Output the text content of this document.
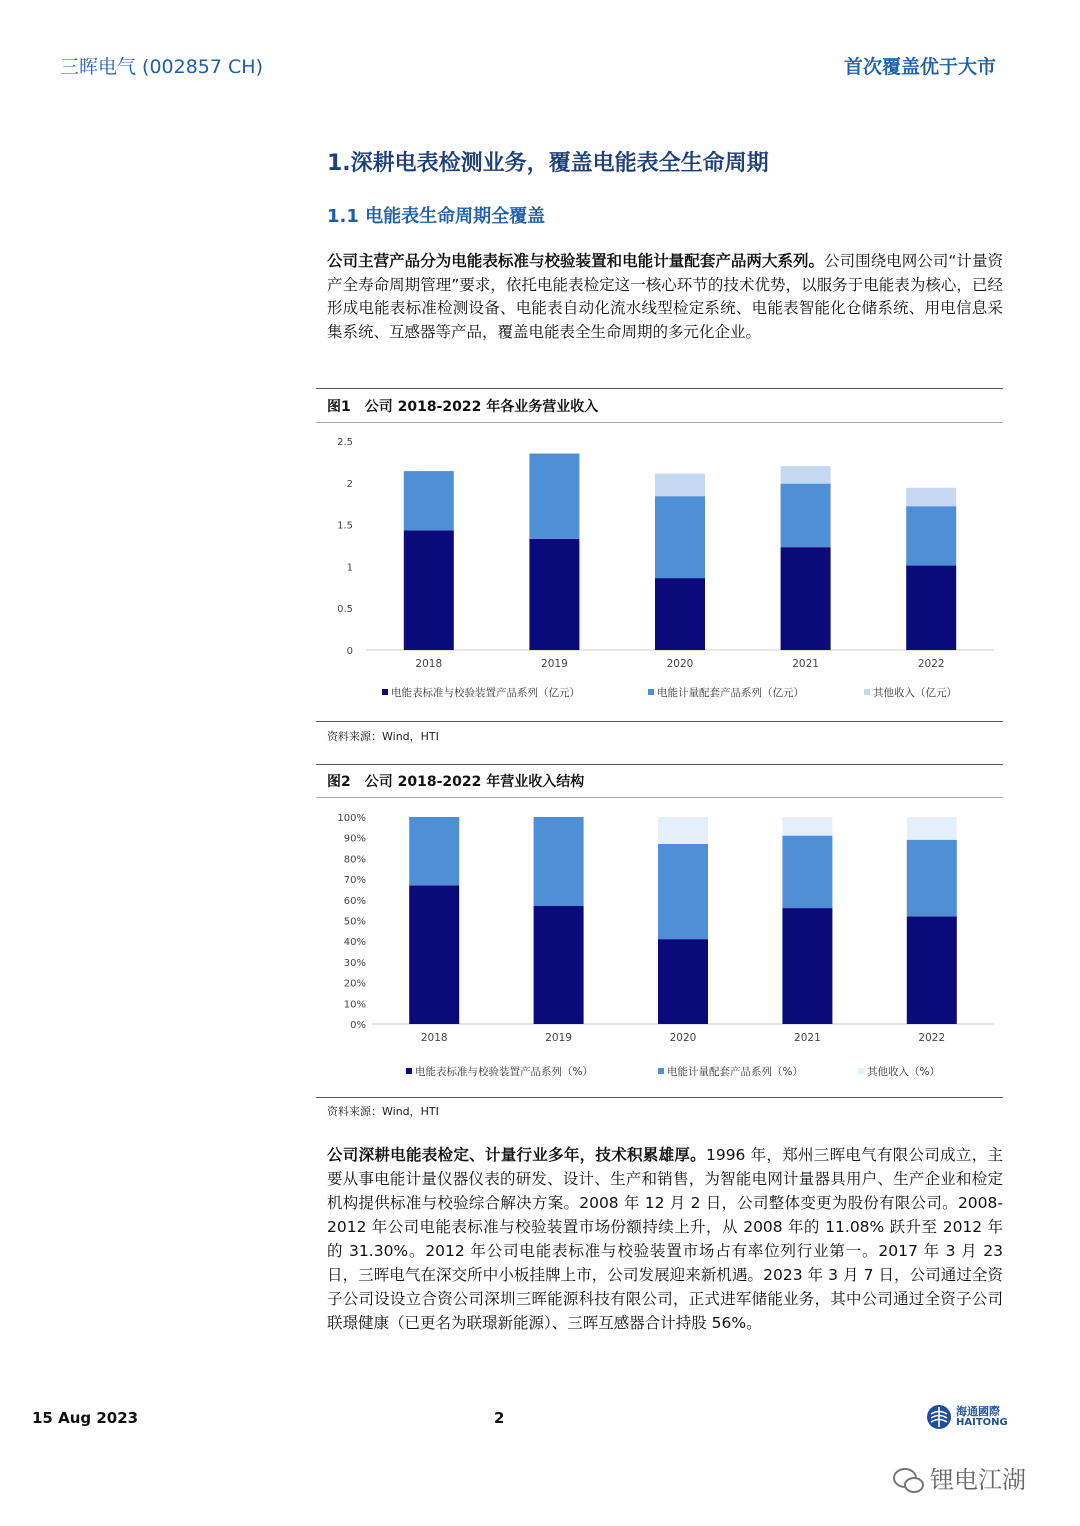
三晖电气 (002857 CH)	首次覆盖优于大市
1.深耕电表检测业务，覆盖电能表全生命周期
1.1 电能表生命周期全覆盖
公司主营产品分为电能表标准与校验装置和电能计量配套产品两大系列。公司围绕电网公司“计量资产全寿命周期管理”要求，依托电能表检定这一核心环节的技术优势，以服务于电能表为核心，已经形成电能表标准检测设备、电能表自动化流水线型检定系统、电能表智能化仓储系统、用电信息采集系统、互感器等产品，覆盖电能表全生命周期的多元化企业。
图1　公司 2018-2022 年各业务营业收入
0
0.5
1
1.5
2
2.5
2018	2019	2020	2021	2022
电能表标准与校验装置产品系列（亿元）	电能计量配套产品系列（亿元）	其他收入（亿元）
资料来源：Wind，HTI
图2　公司 2018-2022 年营业收入结构
0%
10%
20%
30%
40%
50%
60%
70%
80%
90%
100%
2018	2019	2020	2021	2022
电能表标准与校验装置产品系列（%）	电能计量配套产品系列（%）	其他收入（%）
资料来源：Wind，HTI
公司深耕电能表检定、计量行业多年，技术积累雄厚。1996 年，郑州三晖电气有限公司成立，主要从事电能计量仪器仪表的研发、设计、生产和销售，为智能电网计量器具用户、生产企业和检定机构提供标准与校验综合解决方案。2008 年 12 月 2 日，公司整体变更为股份有限公司。2008-2012 年公司电能表标准与校验装置市场份额持续上升，从 2008 年的 11.08% 跃升至 2012 年的 31.30%。2012 年公司电能表标准与校验装置市场占有率位列行业第一。2017 年 3 月 23 日，三晖电气在深交所中小板挂牌上市，公司发展迎来新机遇。2023 年 3 月 7 日，公司通过全资子公司设设立合资公司深圳三晖能源科技有限公司，正式进军储能业务，其中公司通过全资子公司联璟健康（已更名为联璟新能源）、三晖互感器合计持股 56%。
15 Aug 2023	2	海通國際
HAITONG
锂电江湖
